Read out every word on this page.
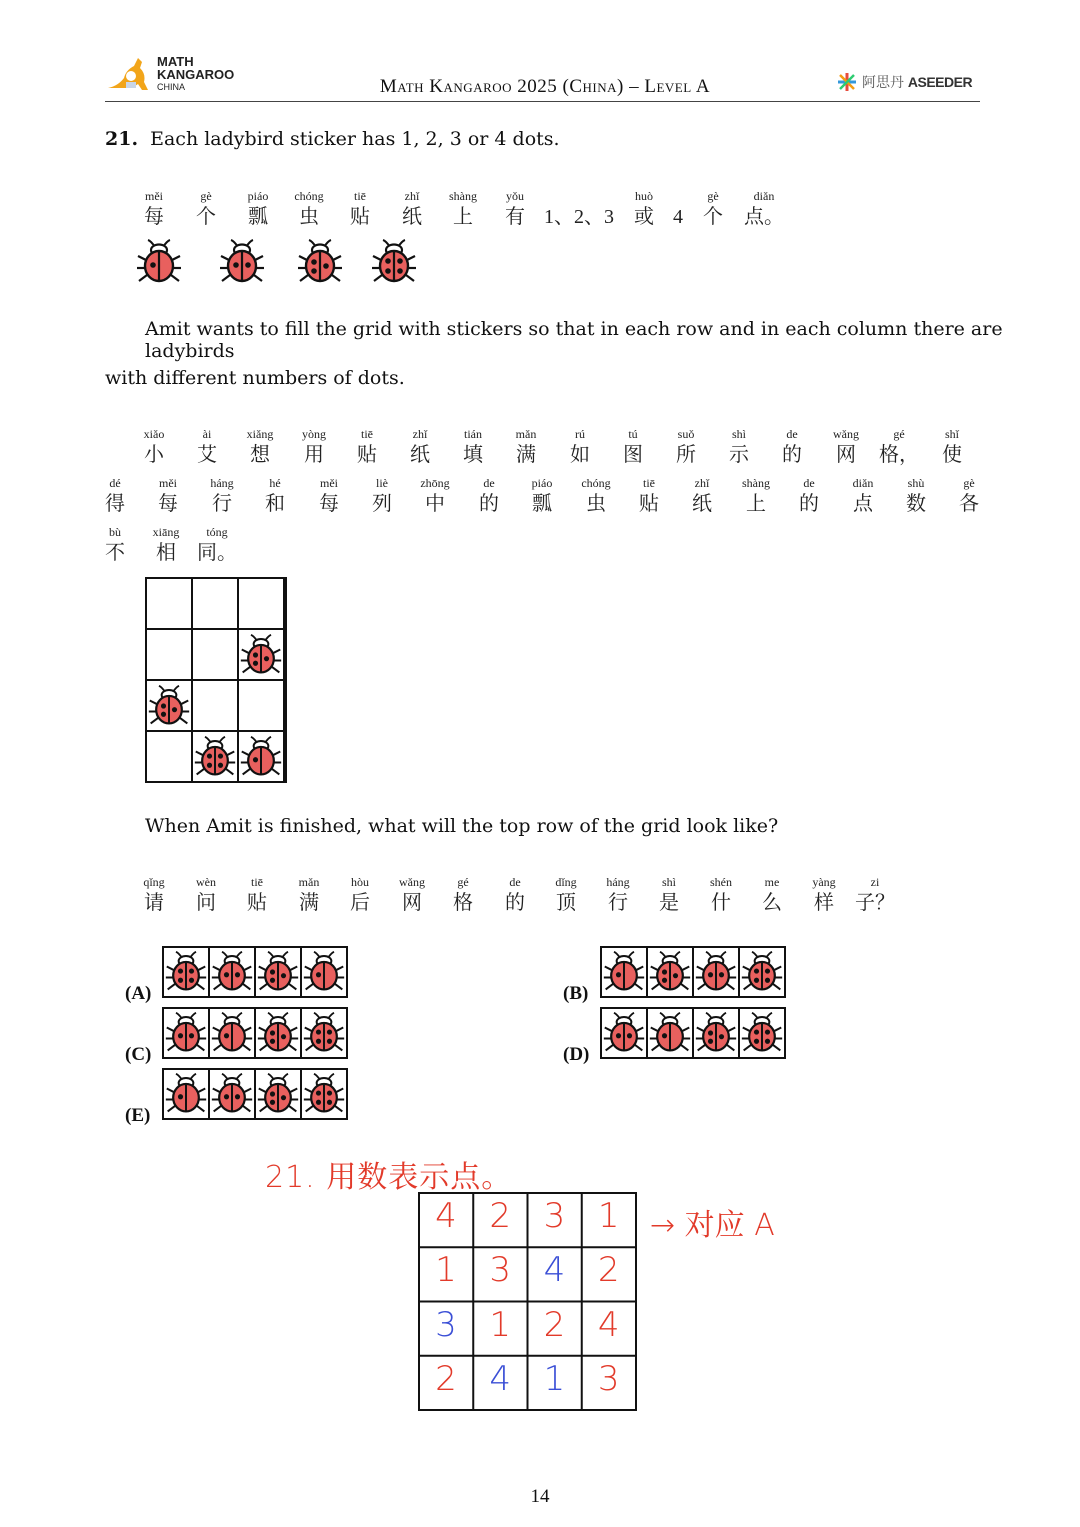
MATH
KANGAROO
CHINA	Math Kangaroo 2025 (China) – Level A	阿思丹 ASEEDER
21. Each ladybird sticker has 1, 2, 3 or 4 dots.
měi
每
gè
个
piáo
瓢
chóng
虫
tiē
贴
zhǐ
纸
shàng
上
yǒu
有 1、2、3
huò
或 4
gè
个
diǎn
点。
Amit wants to fill the grid with stickers so that in each row and in each column there are ladybirds
with different numbers of dots.
xiǎo
小
ài
艾
xiǎng
想
yòng
用
tiē
贴
zhǐ
纸
tián
填
mǎn
满
rú
如
tú
图
suǒ
所
shì
示
de
的
wǎng
网
gé
格，
shǐ
使
dé
得
měi
每
háng
行
hé
和
měi
每
liè
列
zhōng
中
de
的
piáo
瓢
chóng
虫
tiē
贴
zhǐ
纸
shàng
上
de
的
diǎn
点
shù
数
gè
各
bù
不
xiāng
相
tóng
同。

When Amit is finished, what will the top row of the grid look like?
qǐng
请
wèn
问
tiē
贴
mǎn
满
hòu
后
wǎng
网
gé
格
de
的
dǐng
顶
háng
行
shì
是
shén
什
me
么
yàng
样
zi
子？
(A)

		(B)

(C)

		(D)

(E)

21. 用数表示点。
→ 对应 A
4 2 3 1
1 3 4 2
3 1 2 4
2 4 1 3
14
